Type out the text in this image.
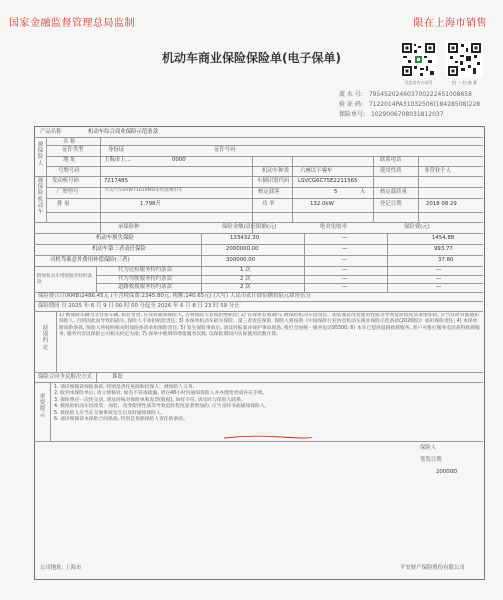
国家金融监督管理总局监制	限在上海市销售
机动车商业保险保险单(电子保单)
关注官方公众号	扫 一 扫 查 真
流 水 号: 795452024603700222451008658
验 证 码: 7122014PA31032506(18428508)228
保险单号: 1029006708031812037
产品名称	机动车综合商业保险示范条款
被保险人
名 称
证件类型	身份证	证件号码
地 址	上海市上…	0000	联系电话
被保险机动车
号牌号码	机动车种类 六座以下客车	使用性质	非营业个人
发动机号码	7217485	车辆识别代码 LSVCG6C75E2211565
厂牌型号	大众汽车SVW71610MD多用途乘用车	核定载客	5	人	核定载质量
排 量	1.798升	功 率	132.0kW	登记日期	2018 08 29
承保险种	保险金额/责任限额(元)	绝对免赔率	保险费(元)
机动车损失保险	133432.30	—	1454.88
机动车第三者责任保险	2000000.00	—	993.77
司机驾乘意外费用补偿保险(三者)	300000.00	—	37.80
附加机动车增值服务特约条款
代为送检服务特约条款	1 次	—	—
代为驾驶服务特约条款	2 次	—	—
道路救援服务特约条款	2 次	—	—
保险费合计(RMB)2486.45元 (不含税保费:2345.80元, 税额:140.65元) (大写) 人民币贰仟肆佰捌拾陆元肆角伍分
保险期间 自 2025 年 6 月 9 日 00 时 00 分起至 2026 年 6 月 8 日 23 时 59 分止
特别约定
1) 被保险车辆为非营业车辆, 如有变更, 应及时通知保险人, 否则保险人有权拒绝赔偿; 2) 在保单有效期内, 被保险机动车因改装、加装或者改变使用性质等导致危险程度显著增加的, 应当及时书面通知保险人, 否则因此而导致的损失, 保险人不承担赔偿责任; 3) 本保单机动车损失保险、第三者责任保险, 保险人将按照《中国保险行业协会机动车商业保险示范条款(2020版)》承担保险责任; 4) 本保单附加险条款, 保险人将按照相关附加险条款承担保险责任; 5) 发生保险事故后, 请及时报案并保护事故现场, 拨打全国统一服务电话95500; 6) 本车已提供道路救援服务, 客户可拨打服务电话获得救援服务, 服务内容以保险公司相关约定为准; 7) 保单中载明的增值服务次数, 以保险期间内实际使用次数计算。
保险合同争议解决方式	诉讼
重要提示
1. 请详细阅读保险条款, 特别是责任免除和投保人、被保险人义务。
2. 收到本保险单后, 请立即核对, 如有不符或疏漏, 请在48小时内通知保险人并办理变更或补充手续。
3. 保险费应一次性交清, 请及时核对保险单和发票(收据), 如有不符, 请及时与保险人联系。
4. 被保险机动车因改装、加装、改变使用性质等导致危险程度显著增加的, 应当及时书面通知保险人。
5. 被保险人应当在交通事故发生后及时通知保险人。
6. 请详细阅读本保险合同条款, 特别是免除保险人责任的条款。
保险人
签发日期
20000D
公司地址: 上海市	平安财产保险股份有限公司
